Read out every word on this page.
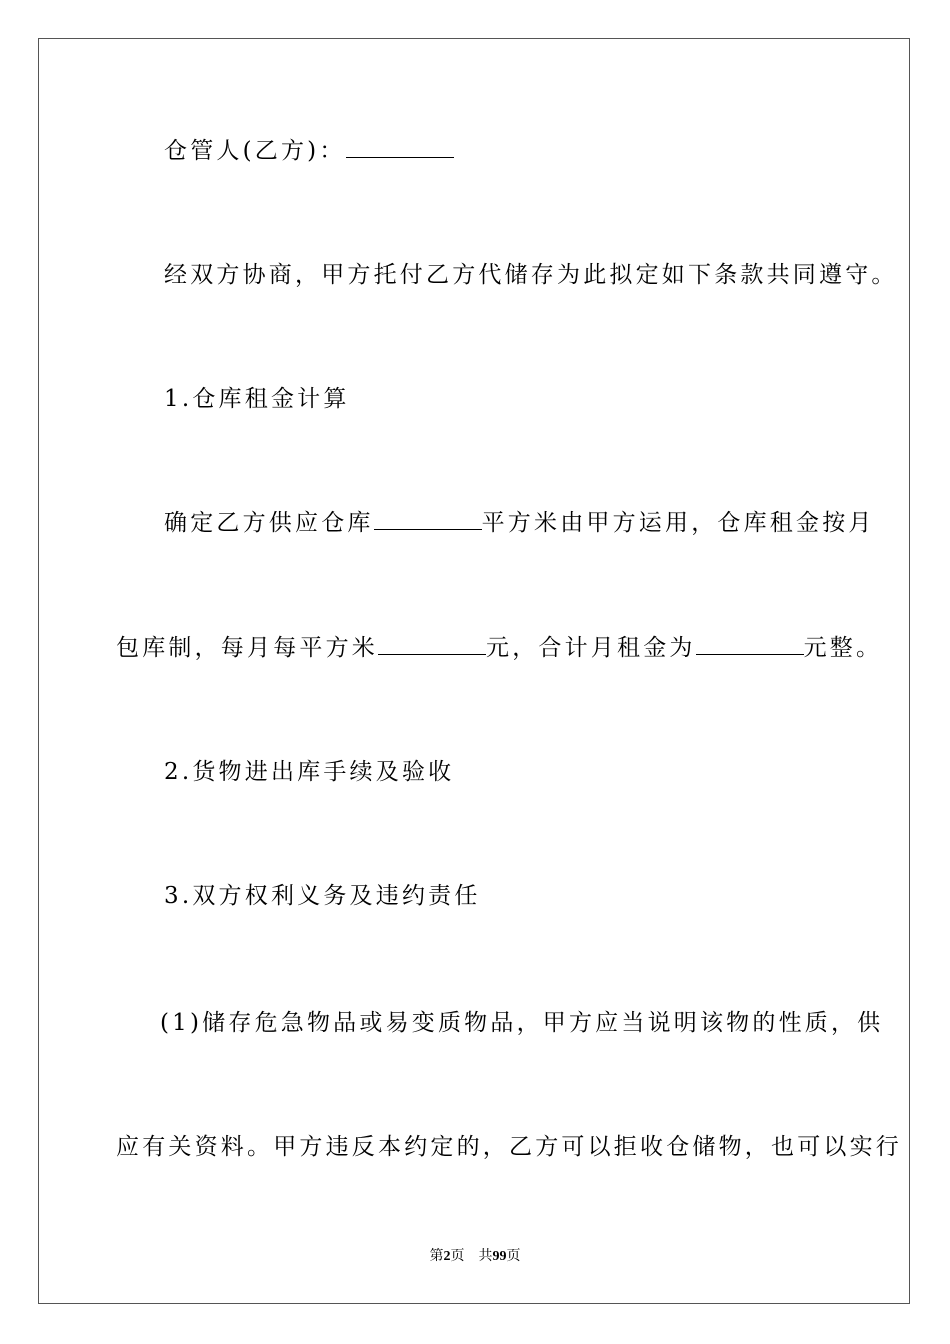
仓管人(乙方)：
经双方协商，甲方托付乙方代储存为此拟定如下条款共同遵守。
1.仓库租金计算
确定乙方供应仓库	平方米由甲方运用，仓库租金按月
包库制，每月每平方米	元，合计月租金为	元整。
2.货物进出库手续及验收
3.双方权利义务及违约责任
(1)储存危急物品或易变质物品，甲方应当说明该物的性质，供
应有关资料。甲方违反本约定的，乙方可以拒收仓储物，也可以实行
第2页 共99页
